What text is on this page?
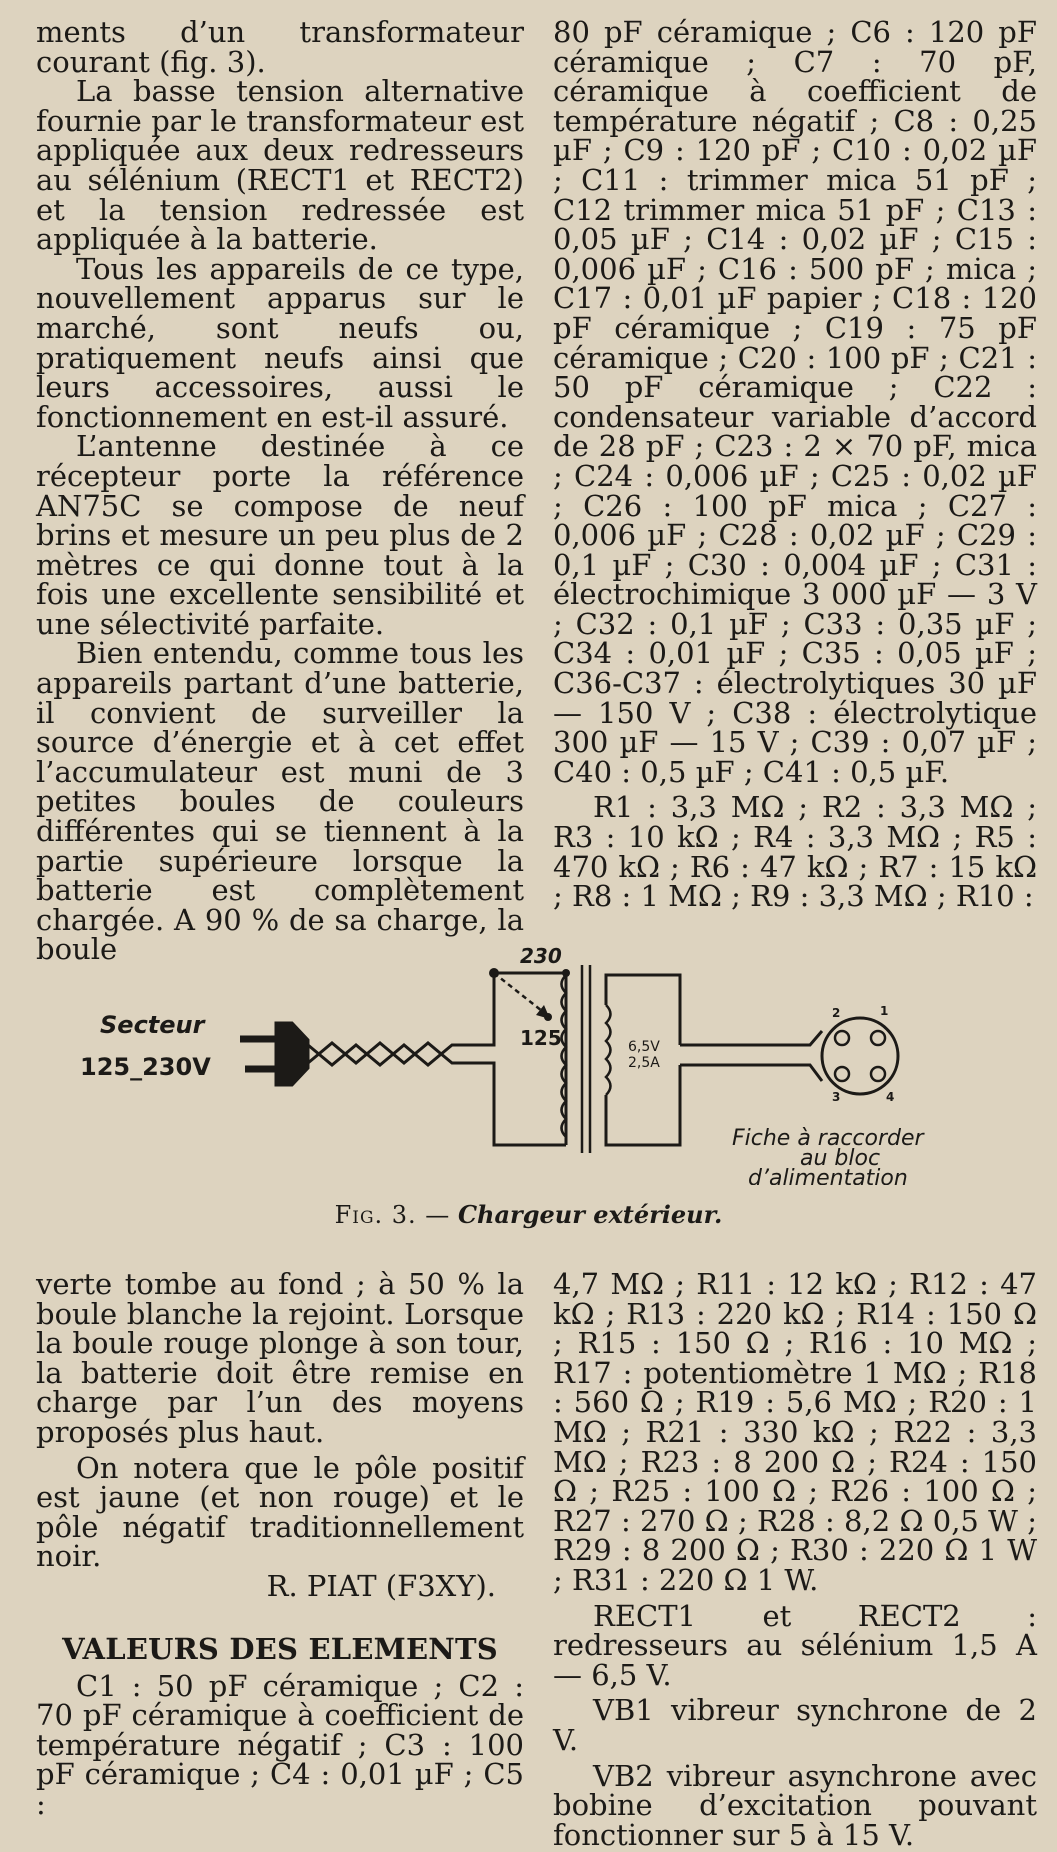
ments d’un transformateur courant (fig. 3).

La basse tension alternative fournie par le transformateur est appliquée aux deux redresseurs au sélénium (RECT1 et RECT2) et la tension redressée est appliquée à la batterie.

Tous les appareils de ce type, nouvellement apparus sur le marché, sont neufs ou, pratiquement neufs ainsi que leurs accessoires, aussi le fonctionnement en est-il assuré.

L’antenne destinée à ce récepteur porte la référence AN75C se compose de neuf brins et mesure un peu plus de 2 mètres ce qui donne tout à la fois une excellente sensibilité et une sélectivité parfaite.

Bien entendu, comme tous les appareils partant d’une batterie, il convient de surveiller la source d’énergie et à cet effet l’accumulateur est muni de 3 petites boules de couleurs différentes qui se tiennent à la partie supérieure lorsque la batterie est complètement chargée. A 90 % de sa charge, la boule

80 pF céramique ; C6 : 120 pF céramique ; C7 : 70 pF, céramique à coefficient de température négatif ; C8 : 0,25 µF ; C9 : 120 pF ; C10 : 0,02 µF ; C11 : trimmer mica 51 pF ; C12 trimmer mica 51 pF ; C13 : 0,05 µF ; C14 : 0,02 µF ; C15 : 0,006 µF ; C16 : 500 pF ; mica ; C17 : 0,01 µF papier ; C18 : 120 pF céramique ; C19 : 75 pF céramique ; C20 : 100 pF ; C21 : 50 pF céramique ; C22 : condensateur variable d’accord de 28 pF ; C23 : 2 × 70 pF, mica ; C24 : 0,006 µF ; C25 : 0,02 µF ; C26 : 100 pF mica ; C27 : 0,006 µF ; C28 : 0,02 µF ; C29 : 0,1 µF ; C30 : 0,004 µF ; C31 : électrochimique 3 000 µF — 3 V ; C32 : 0,1 µF ; C33 : 0,35 µF ; C34 : 0,01 µF ; C35 : 0,05 µF ; C36-C37 : électrolytiques 30 µF — 150 V ; C38 : électrolytique 300 µF — 15 V ; C39 : 0,07 µF ; C40 : 0,5 µF ; C41 : 0,5 µF.

R1 : 3,3 MΩ ; R2 : 3,3 MΩ ; R3 : 10 kΩ ; R4 : 3,3 MΩ ; R5 : 470 kΩ ; R6 : 47 kΩ ; R7 : 15 kΩ ; R8 : 1 MΩ ; R9 : 3,3 MΩ ; R10 :

Secteur
125_230V
230
125	6,5V
2,5A
1
2
3	4
Fiche à raccorder
au bloc
d’alimentation
Fig. 3. — Chargeur extérieur.

verte tombe au fond ; à 50 % la boule blanche la rejoint. Lorsque la boule rouge plonge à son tour, la batterie doit être remise en charge par l’un des moyens proposés plus haut.

On notera que le pôle positif est jaune (et non rouge) et le pôle négatif traditionnellement noir.

R. PIAT (F3XY).

VALEURS DES ELEMENTS

C1 : 50 pF céramique ; C2 : 70 pF céramique à coefficient de température négatif ; C3 : 100 pF céramique ; C4 : 0,01 µF ; C5 :

4,7 MΩ ; R11 : 12 kΩ ; R12 : 47 kΩ ; R13 : 220 kΩ ; R14 : 150 Ω ; R15 : 150 Ω ; R16 : 10 MΩ ; R17 : potentiomètre 1 MΩ ; R18 : 560 Ω ; R19 : 5,6 MΩ ; R20 : 1 MΩ ; R21 : 330 kΩ ; R22 : 3,3 MΩ ; R23 : 8 200 Ω ; R24 : 150 Ω ; R25 : 100 Ω ; R26 : 100 Ω ; R27 : 270 Ω ; R28 : 8,2 Ω 0,5 W ; R29 : 8 200 Ω ; R30 : 220 Ω 1 W ; R31 : 220 Ω 1 W.

RECT1 et RECT2 : redresseurs au sélénium 1,5 A — 6,5 V.

VB1 vibreur synchrone de 2 V.

VB2 vibreur asynchrone avec bobine d’excitation pouvant fonctionner sur 5 à 15 V.
